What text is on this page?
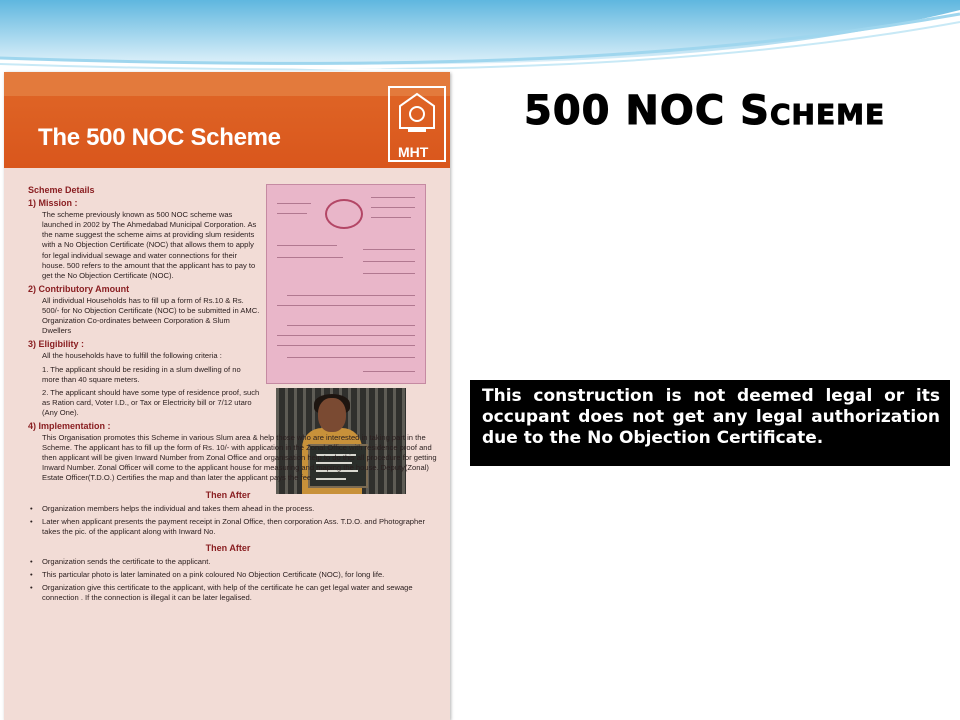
The 500 NOC Scheme
MHT
Scheme Details
1) Mission :
The scheme previously known as 500 NOC scheme was launched in 2002 by The Ahmedabad Municipal Corporation. As the name suggest the scheme aims at providing slum residents with a No Objection Certificate (NOC) that allows them to apply for legal individual sewage and water connections for their house. 500 refers to the amount that the applicant has to pay to get the No Objection Certificate (NOC).
2) Contributory Amount
All individual Households has to fill up a form of Rs.10 & Rs. 500/- for No Objection Certificate (NOC) to be submitted in AMC. Organization Co-ordinates between Corporation & Slum Dwellers
3) Eligibility :
All the households have to fulfill the following criteria :
1. The applicant should be residing in a slum dwelling of no more than 40 square meters.
2. The applicant should have some type of residence proof, such as Ration card, Voter I.D., or Tax or Electricity bill or 7/12 utaro (Any One).
4) Implementation :
This Organisation promotes this Scheme in various Slum area & help those who are interested in taking part in the Scheme. The applicant has to fill up the form of Rs. 10/- with application in the Zonal Office with residence proof and then applicant will be given Inward Number from Zonal Office and organisation help to do this all procedure for getting Inward Number. Zonal Officer will come to the applicant house for measuring and maping the house. Deputy(Zonal) Estate Officer(T.D.O.) Certifies the map and than later the applicant pays the fee.
Then After
• Organization members helps the individual and takes them ahead in the process.
• Later when applicant presents the payment receipt in Zonal Office, then corporation Ass. T.D.O. and Photographer takes the pic. of the applicant along with Inward No.
Then After
• Organization sends the certificate to the applicant.
• This particular photo is later laminated on a pink coloured No Objection Certificate (NOC), for long life.
• Organization give this certificate to the applicant, with help of the certificate he can get legal water and sewage connection . If the connection is illegal it can be later legalised.
500 NOC Scheme
This construction is not deemed legal or its occupant does not get any legal authorization due to the No Objection Certificate.
